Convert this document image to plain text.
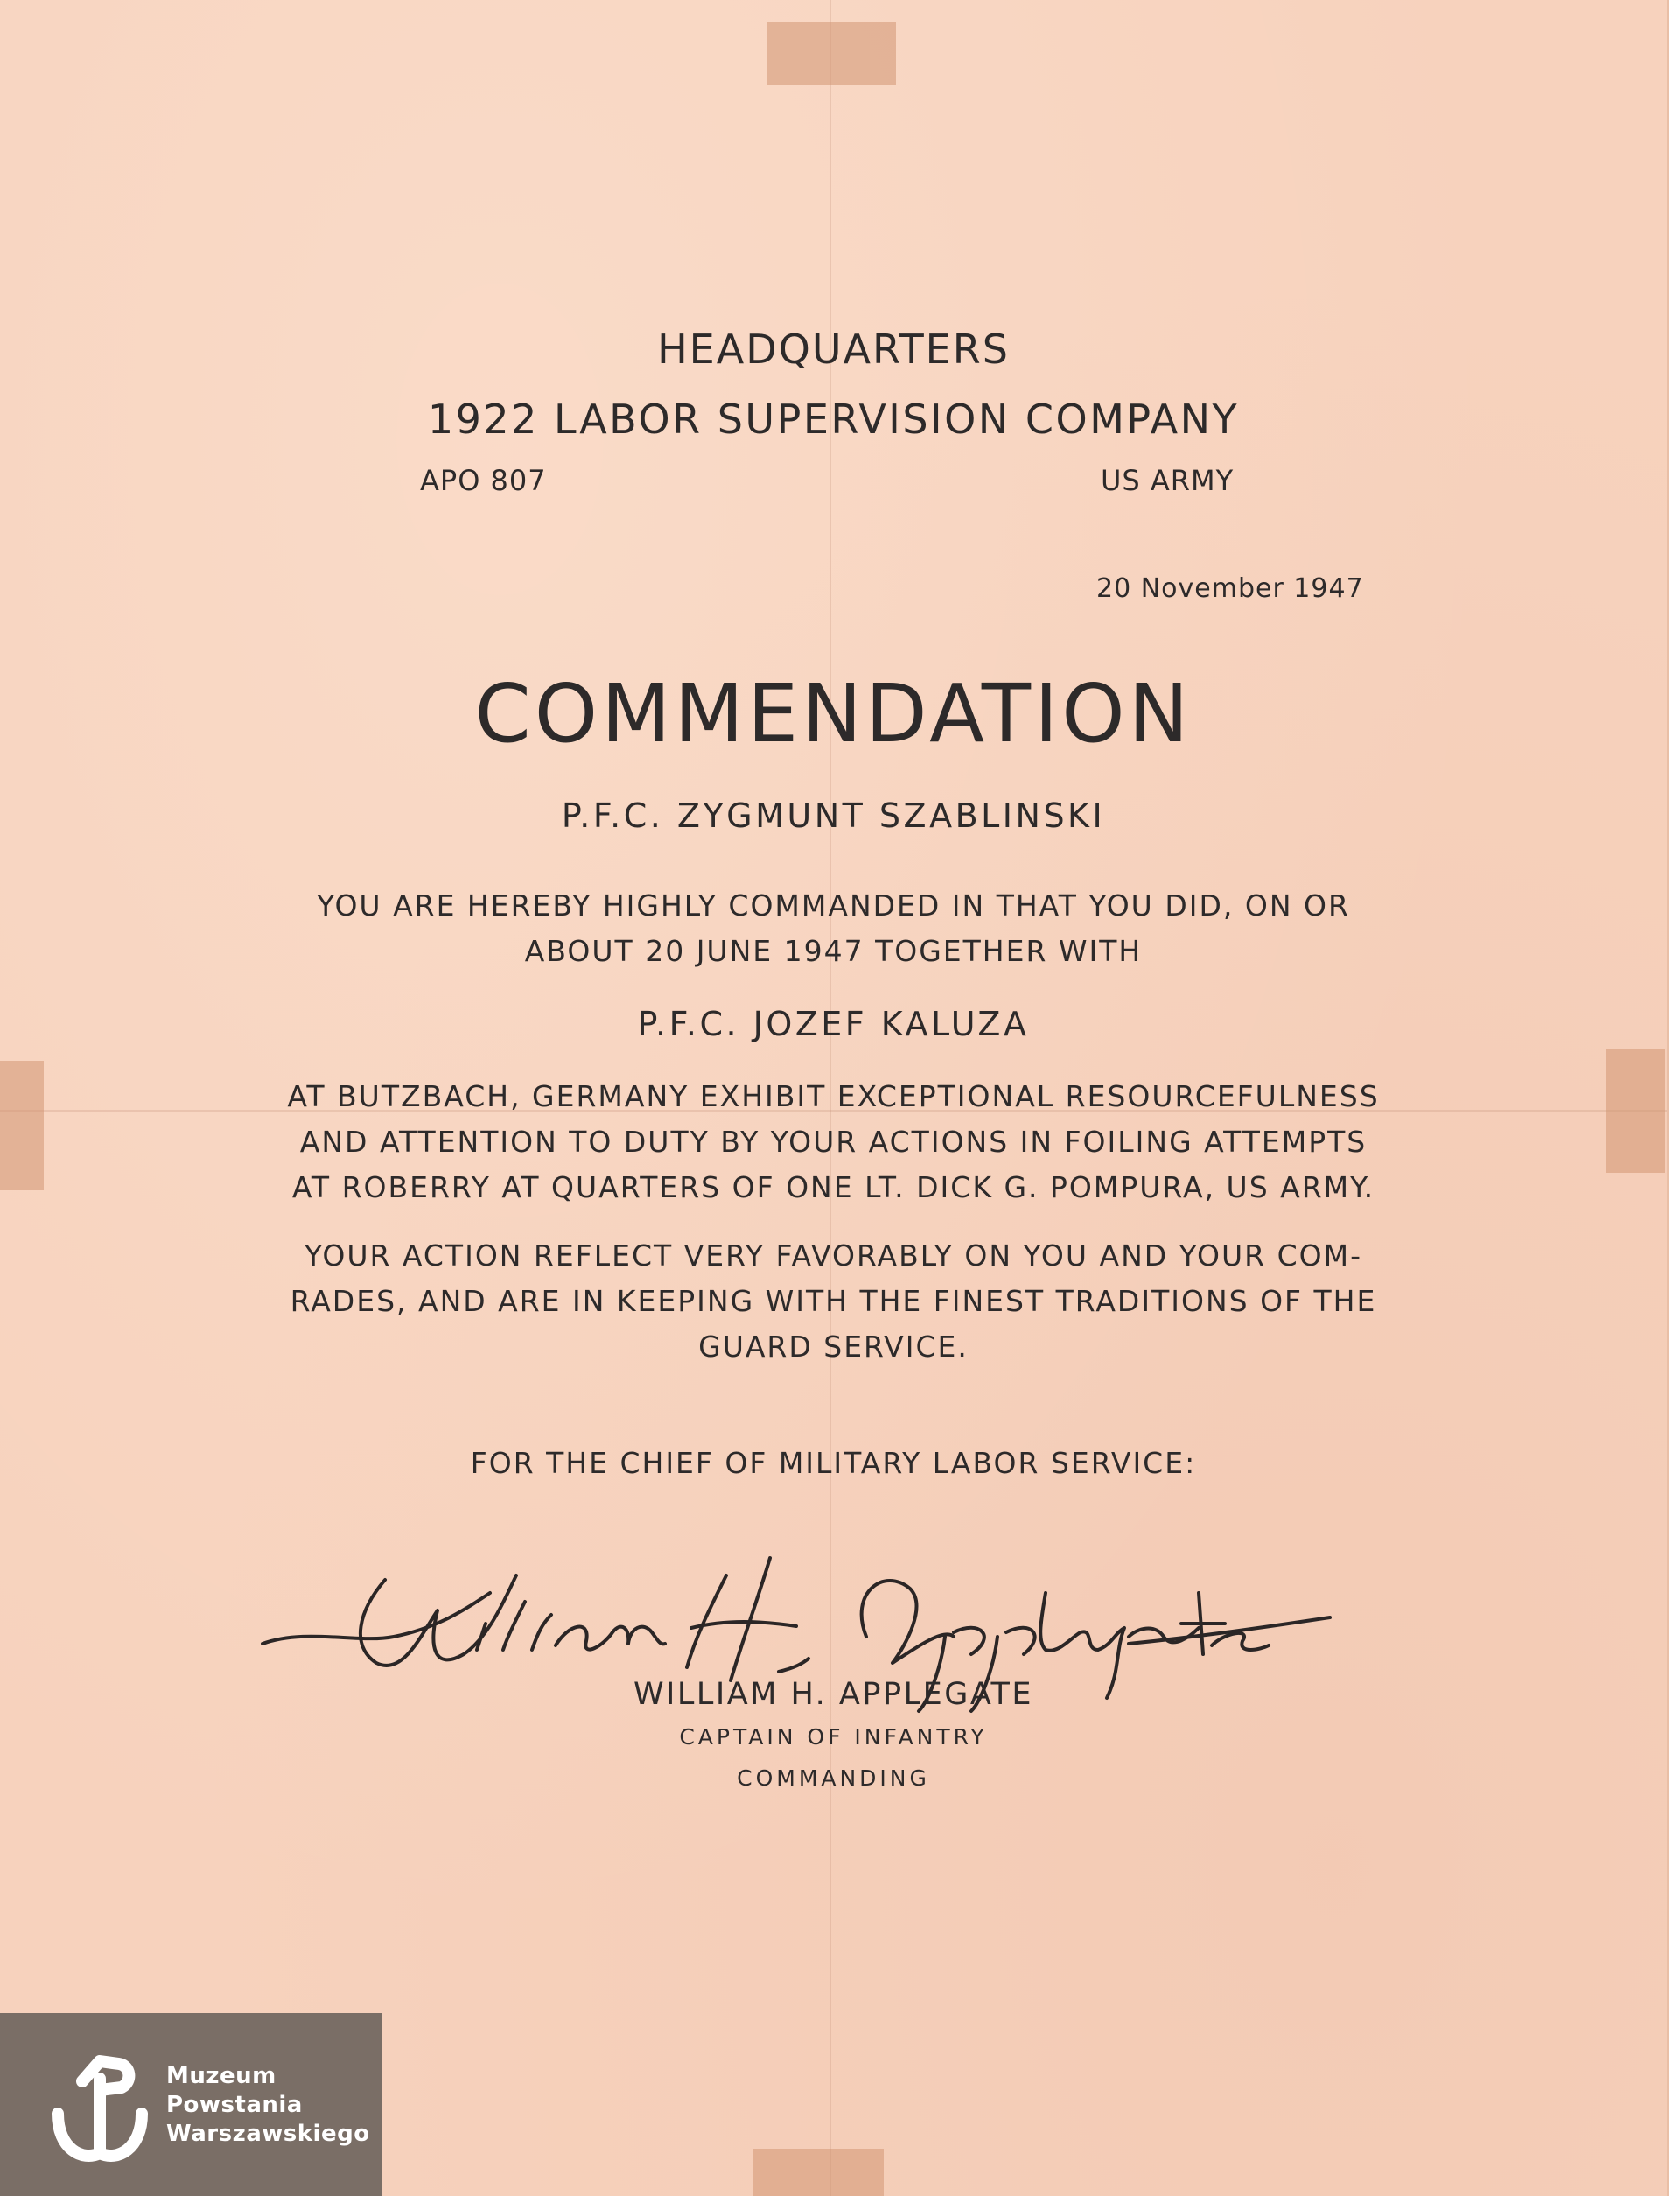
HEADQUARTERS
1922 LABOR SUPERVISION COMPANY
APO 807	US ARMY
20 November 1947
COMMENDATION
P.F.C. ZYGMUNT SZABLINSKI
YOU ARE HEREBY HIGHLY COMMANDED IN THAT YOU DID, ON OR
ABOUT 20 JUNE 1947 TOGETHER WITH
P.F.C. JOZEF KALUZA
AT BUTZBACH, GERMANY EXHIBIT EXCEPTIONAL RESOURCEFULNESS
AND ATTENTION TO DUTY BY YOUR ACTIONS IN FOILING ATTEMPTS
AT ROBERRY AT QUARTERS OF ONE LT. DICK G. POMPURA, US ARMY.
YOUR ACTION REFLECT VERY FAVORABLY ON YOU AND YOUR COM-
RADES, AND ARE IN KEEPING WITH THE FINEST TRADITIONS OF THE
GUARD SERVICE.
FOR THE CHIEF OF MILITARY LABOR SERVICE:
WILLIAM H. APPLEGATE
CAPTAIN OF INFANTRY
COMMANDING
Muzeum
Powstania
Warszawskiego
